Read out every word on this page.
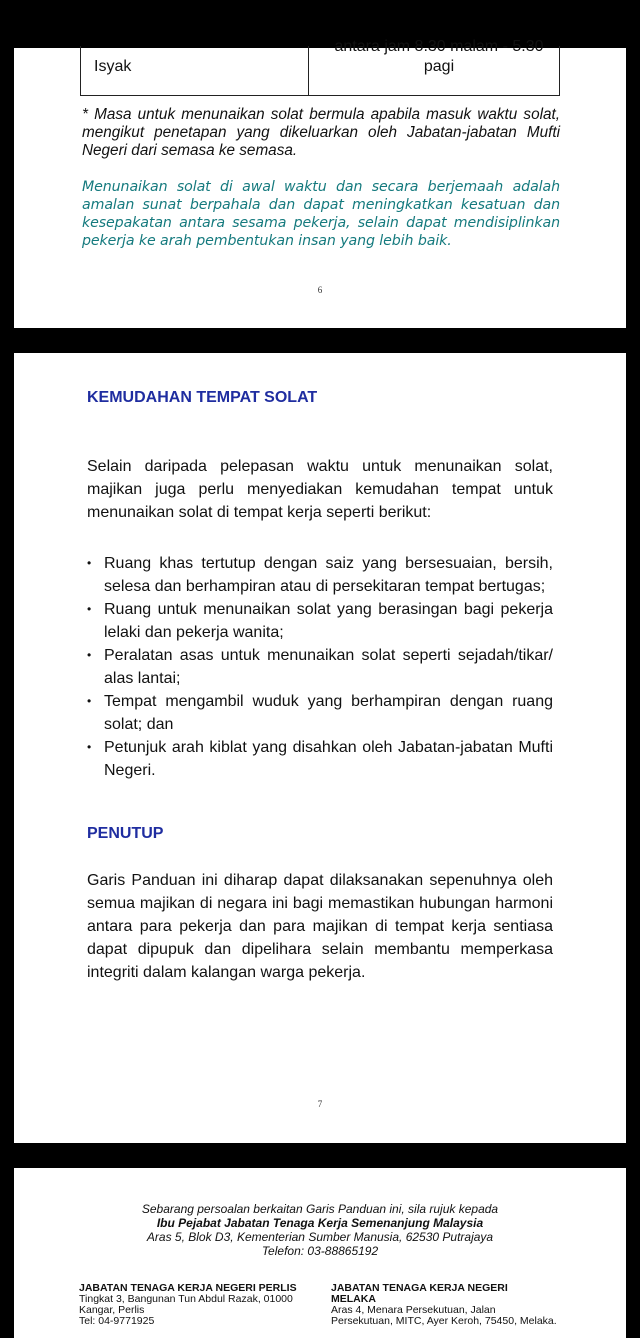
Isyak
antara jam 8.30 malam - 5.30
pagi
* Masa untuk menunaikan solat bermula apabila masuk waktu solat, mengikut penetapan yang dikeluarkan oleh Jabatan-jabatan Mufti Negeri dari semasa ke semasa.
Menunaikan solat di awal waktu dan secara berjemaah adalah amalan sunat berpahala dan dapat meningkatkan kesatuan dan kesepakatan antara sesama pekerja, selain dapat mendisiplinkan pekerja ke arah pembentukan insan yang lebih baik.
6
KEMUDAHAN TEMPAT SOLAT

Selain daripada pelepasan waktu untuk menunaikan solat, majikan juga perlu menyediakan kemudahan tempat untuk menunaikan solat di tempat kerja seperti berikut:

• Ruang khas tertutup dengan saiz yang bersesuaian, bersih, selesa dan berhampiran atau di persekitaran tempat bertugas;
• Ruang untuk menunaikan solat yang berasingan bagi pekerja lelaki dan pekerja wanita;
• Peralatan asas untuk menunaikan solat seperti sejadah/tikar/ alas lantai;
• Tempat mengambil wuduk yang berhampiran dengan ruang solat; dan
• Petunjuk arah kiblat yang disahkan oleh Jabatan-jabatan Mufti Negeri.
PENUTUP

Garis Panduan ini diharap dapat dilaksanakan sepenuhnya oleh semua majikan di negara ini bagi memastikan hubungan harmoni antara para pekerja dan para majikan di tempat kerja sentiasa dapat dipupuk dan dipelihara selain membantu memperkasa integriti dalam kalangan warga pekerja.

7
Sebarang persoalan berkaitan Garis Panduan ini, sila rujuk kepada
Ibu Pejabat Jabatan Tenaga Kerja Semenanjung Malaysia
Aras 5, Blok D3, Kementerian Sumber Manusia, 62530 Putrajaya
Telefon: 03-88865192
JABATAN TENAGA KERJA NEGERI PERLIS
Tingkat 3, Bangunan Tun Abdul Razak, 01000
Kangar, Perlis
Tel: 04-9771925
JABATAN TENAGA KERJA NEGERI
MELAKA
Aras 4, Menara Persekutuan, Jalan
Persekutuan, MITC, Ayer Keroh, 75450, Melaka.
